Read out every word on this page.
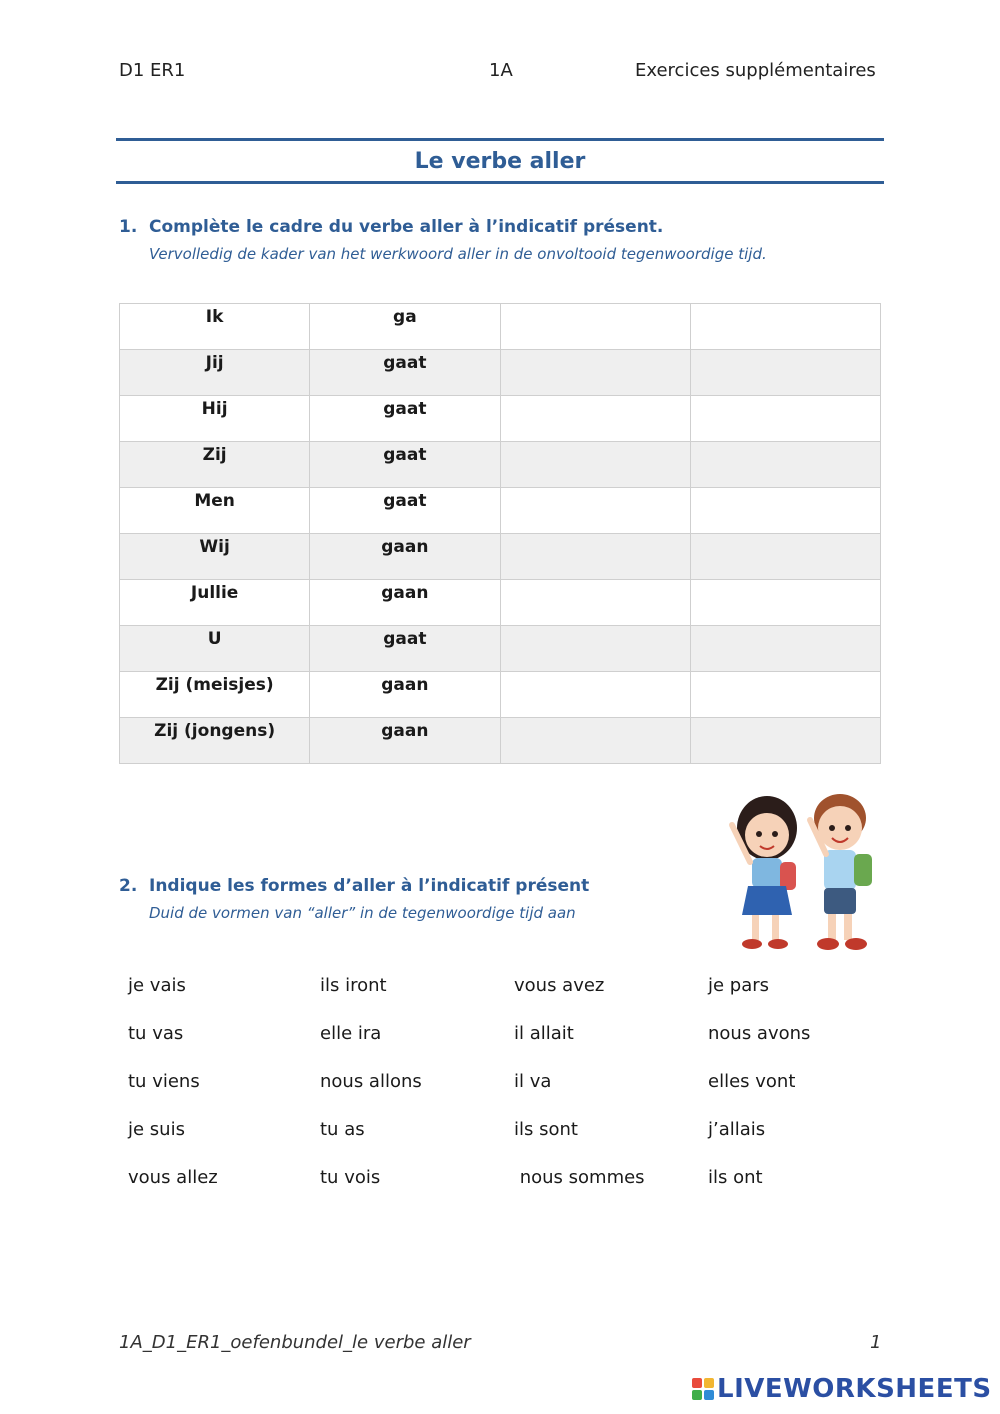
D1 ER1	1A	Exercices supplémentaires
Le verbe aller
1. Complète le cadre du verbe aller à l’indicatif présent.
Vervolledig de kader van het werkwoord aller in de onvoltooid tegenwoordige tijd.
Ik	ga		

Jij	gaat		

Hij	gaat		

Zij	gaat		

Men	gaat		

Wij	gaan		

Jullie	gaan		

U	gaat		

Zij (meisjes)	gaan		

Zij (jongens)	gaan		

2. Indique les formes d’aller à l’indicatif présent
Duid de vormen van “aller” in de tegenwoordige tijd aan
je vais	ils iront	vous avez	je pars
tu vas	elle ira	il allait	nous avons
tu viens	nous allons	il va	elles vont
je suis	tu as	ils sont	j’allais
vous allez	tu vois	nous sommes	ils ont
1A_D1_ER1_oefenbundel_le verbe aller	1
LIVEWORKSHEETS
